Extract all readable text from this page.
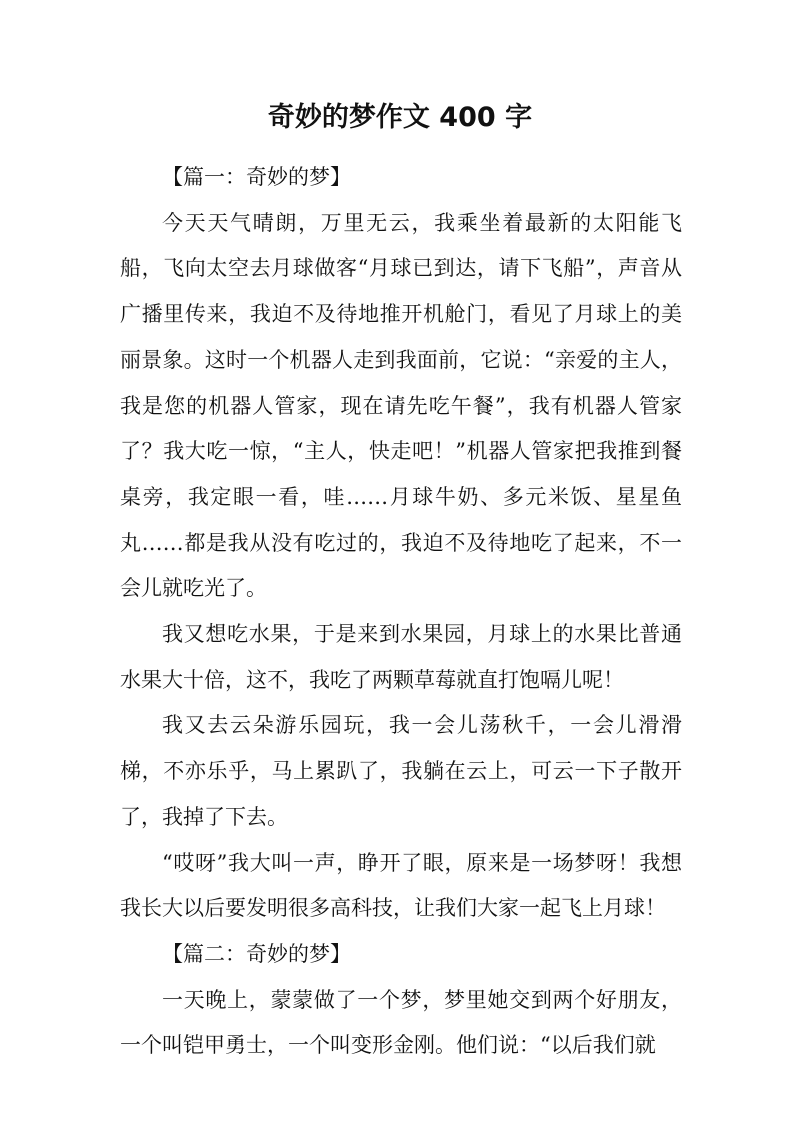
奇妙的梦作文 400 字

【篇一：奇妙的梦】

今天天气晴朗，万里无云，我乘坐着最新的太阳能飞船，飞向太空去月球做客“月球已到达，请下飞船”，声音从广播里传来，我迫不及待地推开机舱门，看见了月球上的美丽景象。这时一个机器人走到我面前，它说：“亲爱的主人，我是您的机器人管家，现在请先吃午餐”，我有机器人管家了？我大吃一惊，“主人，快走吧！”机器人管家把我推到餐桌旁，我定眼一看，哇……月球牛奶、多元米饭、星星鱼丸……都是我从没有吃过的，我迫不及待地吃了起来，不一会儿就吃光了。

我又想吃水果，于是来到水果园，月球上的水果比普通水果大十倍，这不，我吃了两颗草莓就直打饱嗝儿呢！

我又去云朵游乐园玩，我一会儿荡秋千，一会儿滑滑梯，不亦乐乎，马上累趴了，我躺在云上，可云一下子散开了，我掉了下去。

“哎呀”我大叫一声，睁开了眼，原来是一场梦呀！我想我长大以后要发明很多高科技，让我们大家一起飞上月球！

【篇二：奇妙的梦】

一天晚上，蒙蒙做了一个梦，梦里她交到两个好朋友，一个叫铠甲勇士，一个叫变形金刚。他们说：“以后我们就
